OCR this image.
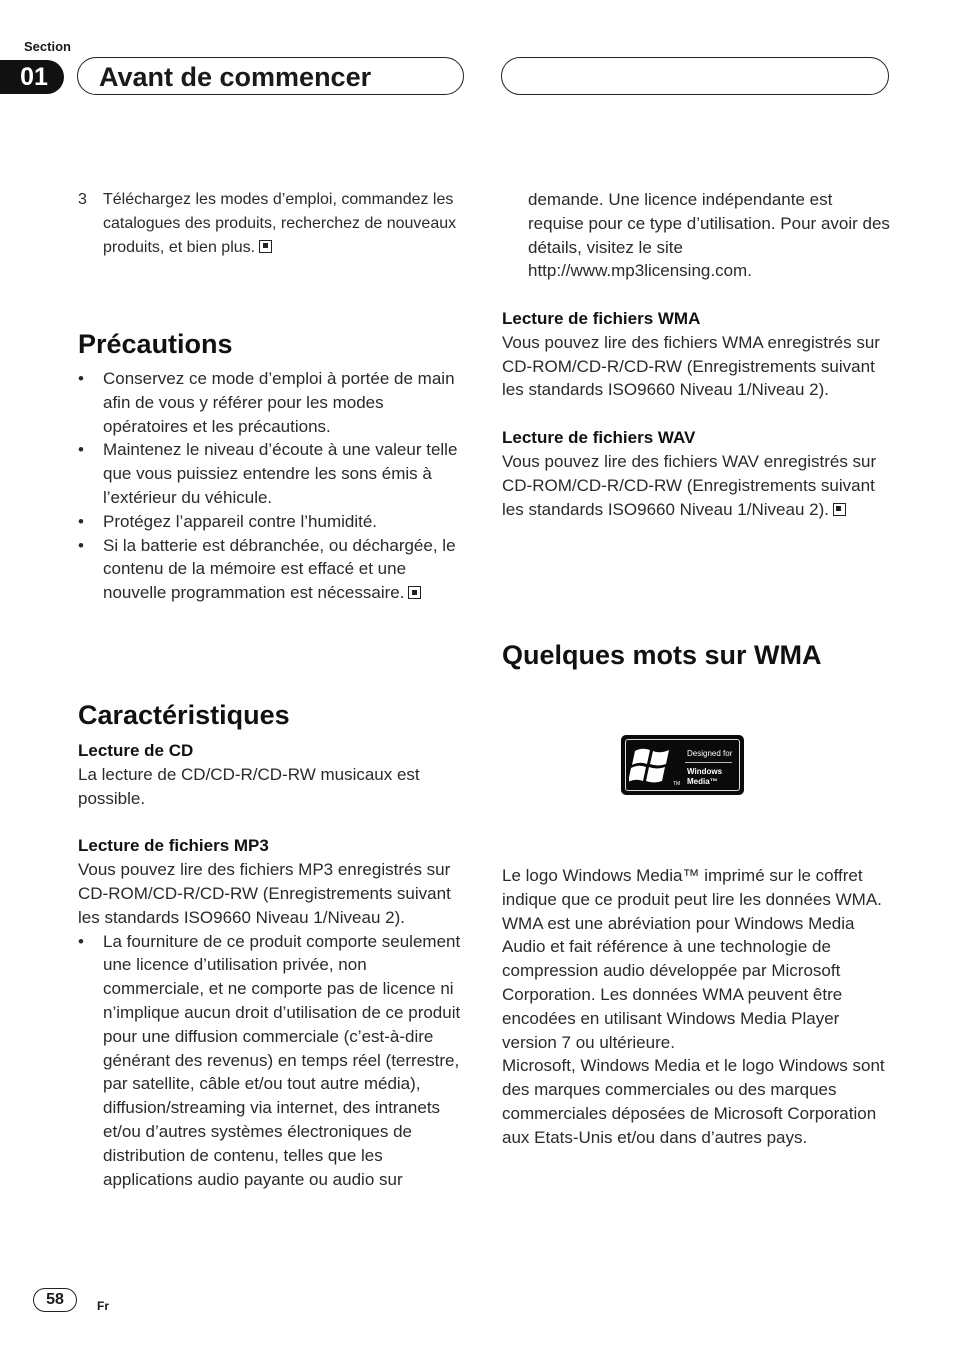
Section
01	Avant de commencer
3 Téléchargez les modes d’emploi, commandez les catalogues des produits, recherchez de nouveaux produits, et bien plus.
Précautions
• Conservez ce mode d’emploi à portée de main afin de vous y référer pour les modes opératoires et les précautions.
• Maintenez le niveau d’écoute à une valeur telle que vous puissiez entendre les sons émis à l’extérieur du véhicule.
• Protégez l’appareil contre l’humidité.
• Si la batterie est débranchée, ou déchargée, le contenu de la mémoire est effacé et une nouvelle programmation est nécessaire.
Caractéristiques
Lecture de CD

La lecture de CD/CD-R/CD-RW musicaux est possible.

Lecture de fichiers MP3

Vous pouvez lire des fichiers MP3 enregistrés sur CD-ROM/CD-R/CD-RW (Enregistrements suivant les standards ISO9660 Niveau 1/Niveau 2).

• La fourniture de ce produit comporte seulement une licence d’utilisation privée, non commerciale, et ne comporte pas de licence ni n’implique aucun droit d’utilisation de ce produit pour une diffusion commerciale (c’est-à-dire générant des revenus) en temps réel (terrestre, par satellite, câble et/ou tout autre média), diffusion/streaming via internet, des intranets et/ou d’autres systèmes électroniques de distribution de contenu, telles que les applications audio payante ou audio sur
demande. Une licence indépendante est requise pour ce type d’utilisation. Pour avoir des détails, visitez le site http://www.mp3licensing.com.
Lecture de fichiers WMA

Vous pouvez lire des fichiers WMA enregistrés sur CD-ROM/CD-R/CD-RW (Enregistrements suivant les standards ISO9660 Niveau 1/Niveau 2).

Lecture de fichiers WAV

Vous pouvez lire des fichiers WAV enregistrés sur CD-ROM/CD-R/CD-RW (Enregistrements suivant les standards ISO9660 Niveau 1/Niveau 2).

Quelques mots sur WMA
TM
Designed for
Windows
Media™

Le logo Windows Media™ imprimé sur le coffret indique que ce produit peut lire les données WMA.

WMA est une abréviation pour Windows Media Audio et fait référence à une technologie de compression audio développée par Microsoft Corporation. Les données WMA peuvent être encodées en utilisant Windows Media Player version 7 ou ultérieure.

Microsoft, Windows Media et le logo Windows sont des marques commerciales ou des marques commerciales déposées de Microsoft Corporation aux Etats-Unis et/ou dans d’autres pays.

58	Fr
